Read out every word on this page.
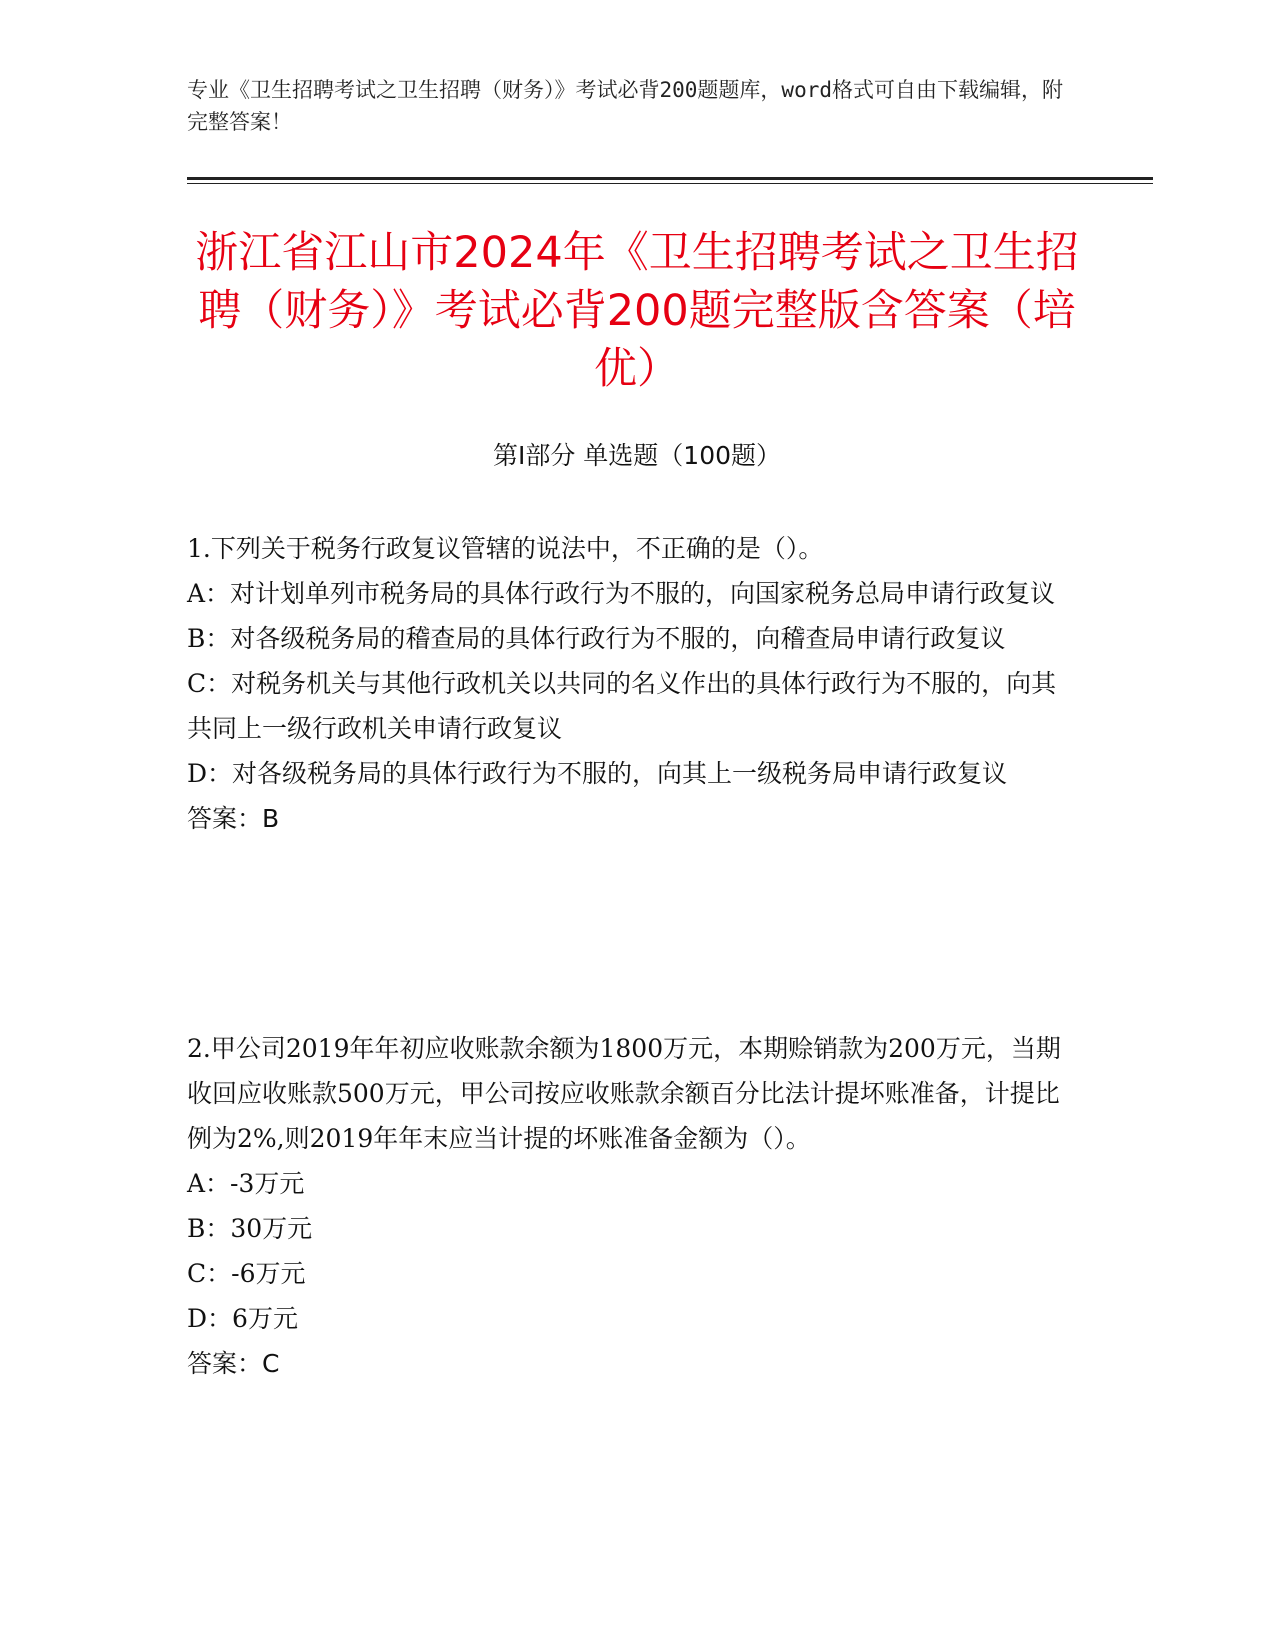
专业《卫生招聘考试之卫生招聘（财务）》考试必背200题题库，word格式可自由下载编辑，附完整答案！
浙江省江山市2024年《卫生招聘考试之卫生招聘（财务）》考试必背200题完整版含答案（培优）
第Ⅰ部分 单选题（100题）
1.下列关于税务行政复议管辖的说法中，不正确的是（）。
A：对计划单列市税务局的具体行政行为不服的，向国家税务总局申请行政复议
B：对各级税务局的稽查局的具体行政行为不服的，向稽查局申请行政复议
C：对税务机关与其他行政机关以共同的名义作出的具体行政行为不服的，向其共同上一级行政机关申请行政复议
D：对各级税务局的具体行政行为不服的，向其上一级税务局申请行政复议
答案：B
2.甲公司2019年年初应收账款余额为1800万元，本期赊销款为200万元，当期收回应收账款500万元，甲公司按应收账款余额百分比法计提坏账准备，计提比例为2%,则2019年年末应当计提的坏账准备金额为（）。
A：-3万元
B：30万元
C：-6万元
D：6万元
答案：C
